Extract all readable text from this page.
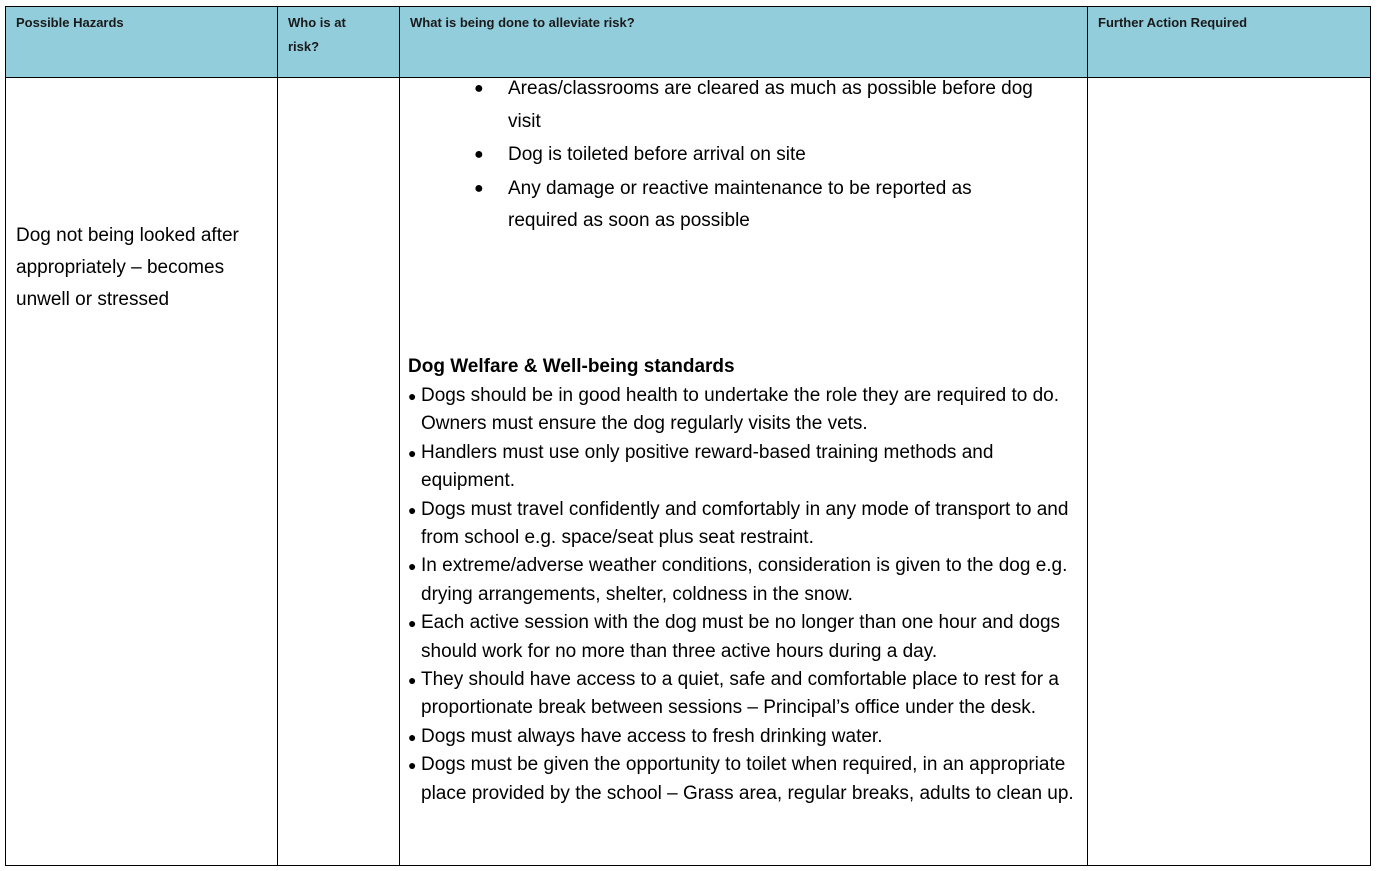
Possible Hazards	Who is at risk?
What is being done to alleviate risk?	Further Action Required
Dog not being looked after appropriately – becomes unwell or stressed
● Areas/classrooms are cleared as much as possible before dog visit
● Dog is toileted before arrival on site
● Any damage or reactive maintenance to be reported as required as soon as possible
Dog Welfare & Well-being standards
● Dogs should be in good health to undertake the role they are required to do. Owners must ensure the dog regularly visits the vets.
● Handlers must use only positive reward-based training methods and equipment.
● Dogs must travel confidently and comfortably in any mode of transport to and from school e.g. space/seat plus seat restraint.
● In extreme/adverse weather conditions, consideration is given to the dog e.g. drying arrangements, shelter, coldness in the snow.
● Each active session with the dog must be no longer than one hour and dogs should work for no more than three active hours during a day.
● They should have access to a quiet, safe and comfortable place to rest for a proportionate break between sessions – Principal’s office under the desk.
● Dogs must always have access to fresh drinking water.
● Dogs must be given the opportunity to toilet when required, in an appropriate place provided by the school – Grass area, regular breaks, adults to clean up.
